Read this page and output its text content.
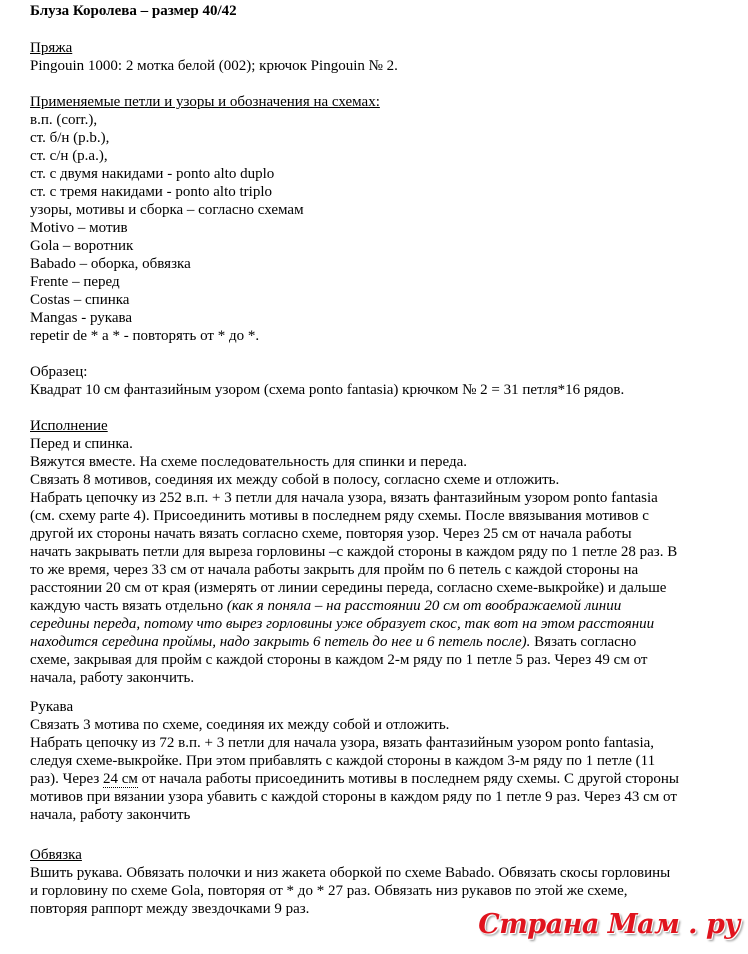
Блуза Королева – размер 40/42
Пряжа
Pingouin 1000: 2 мотка белой (002); крючок Pingouin № 2.
Применяемые петли и узоры и обозначения на схемах:
в.п. (corr.),
ст. б/н (p.b.),
ст. с/н (p.a.),
ст. с двумя накидами - ponto alto duplo
ст. с тремя накидами - ponto alto triplo
узоры, мотивы и сборка – согласно схемам
Motivo – мотив
Gola – воротник
Babado – оборка, обвязка
Frente – перед
Costas – спинка
Mangas - рукава
repetir de * a * - повторять от * до *.
Образец:
Квадрат 10 см фантазийным узором (схема ponto fantasia) крючком № 2 = 31 петля*16 рядов.
Исполнение
Перед и спинка.
Вяжутся вместе. На схеме последовательность для спинки и переда.
Связать 8 мотивов, соединяя их между собой в полосу, согласно схеме и отложить.
Набрать цепочку из 252 в.п. + 3 петли для начала узора, вязать фантазийным узором ponto fantasia
(см. схему parte 4). Присоединить мотивы в последнем ряду схемы. После ввязывания мотивов с
другой их стороны начать вязать согласно схеме, повторяя узор. Через 25 см от начала работы
начать закрывать петли для выреза горловины –с каждой стороны в каждом ряду по 1 петле 28 раз. В
то же время, через 33 см от начала работы закрыть для пройм по 6 петель с каждой стороны на
расстоянии 20 см от края (измерять от линии середины переда, согласно схеме-выкройке) и дальше
каждую часть вязать отдельно (как я поняла – на расстоянии 20 см от воображаемой линии
середины переда, потому что вырез горловины уже образует скос, так вот на этом расстоянии
находится середина проймы, надо закрыть 6 петель до нее и 6 петель после). Вязать согласно
схеме, закрывая для пройм с каждой стороны в каждом 2-м ряду по 1 петле 5 раз. Через 49 см от
начала, работу закончить.
Рукава
Связать 3 мотива по схеме, соединяя их между собой и отложить.
Набрать цепочку из 72 в.п. + 3 петли для начала узора, вязать фантазийным узором ponto fantasia,
следуя схеме-выкройке. При этом прибавлять с каждой стороны в каждом 3-м ряду по 1 петле (11
раз). Через 24 см от начала работы присоединить мотивы в последнем ряду схемы. С другой стороны
мотивов при вязании узора убавить с каждой стороны в каждом ряду по 1 петле 9 раз. Через 43 см от
начала, работу закончить
Обвязка
Вшить рукава. Обвязать полочки и низ жакета оборкой по схеме Babado. Обвязать скосы горловины
и горловину по схеме Gola, повторяя от * до * 27 раз. Обвязать низ рукавов по этой же схеме,
повторяя раппорт между звездочками 9 раз.	Страна Мам . ру
